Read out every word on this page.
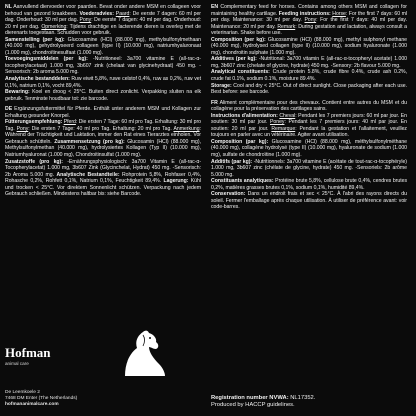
NL Aanvullend diervoeder voor paarden. Bevat onder andere MSM en collageen voor behoud van gezond kraakbeen. Voederadvies: Paard: De eerste 7 dagen: 60 ml per dag. Onderhoud: 30 ml per dag. Pony: De eerste 7 dagen: 40 ml per dag. Onderhoud: 20 ml per dag. Opmerking: Tijdens drachtige en lacterende dieren is overleg met de dierenarts toegestaan. Schudden voor gebruik.
Samenstelling (per kg): Glucosamine (HCl) (88.000 mg), methylsulfonylmethaan (40.000 mg), gehydrolyseerd collageen (type II) (10.000 mg), natriumhyaluronaat (1.000 mg), chondroïtinesulfaat (1.000 mg).
Toevoegingsmiddelen (per kg): -Nutritioneel: 3a700 vitamine E (all-rac-α-tocopherylacetaat) 1.000 mg, 3b607 zink (chelaat van glycinehydraat) 450 mg. -Sensorisch: 2b aroma 5.000 mg.
Analytische bestanddelen: Ruw eiwit 5,8%, ruwe celstof 0,4%, ruw as 0,2%, ruw vet 0,1%, natrium 0,1%, vocht 89,4%.
Bewaring: Koel en droog < 25°C. Buiten direct zonlicht. Verpakking sluiten na elk gebruik. Tenminste houdbaar tot: zie barcode.
DE Ergänzungsfuttermittel für Pferde. Enthält unter anderem MSM und Kollagen zur Erhaltung gesunder Knorpel.
Fütterungsempfehlung: Pferd: Die ersten 7 Tage: 60 ml pro Tag. Erhaltung: 30 ml pro Tag. Pony: Die ersten 7 Tage: 40 ml pro Tag. Erhaltung: 20 ml pro Tag. Anmerkung: Während der Trächtigkeit und Laktation, immer den Rat eines Tierarztes einholen. Vor Gebrauch schütteln. Zusammensetzung (pro kg): Glucosamin (HCl) (88.000 mg), Methylsulfonylmethan (40.000 mg), hydrolysiertes Kollagen (Typ II) (10.000 mg), Natriumhyaluronat (1.000 mg), Chondroitinsulfat (1.000 mg).
Zusatzstoffe (pro kg): -Ernährungsphysiologisch: 3a700 Vitamin E (all-rac-α-Tocopherylacetat) 1.000 mg, 3b607 Zink (Glycinchelat, Hydrat) 450 mg. -Sensorisch: 2b Aroma 5.000 mg. Analytische Bestandteile: Rohprotein 5,8%, Rohfaser 0,4%, Rohasche 0,2%, Rohfett 0,1%, Natrium 0,1%, Feuchtigkeit 89,4%. Lagerung: Kühl und trocken < 25°C. Vor direktem Sonnenlicht schützen. Verpackung nach jedem Gebrauch schließen. Mindestens haltbar bis: siehe Barcode.
EN Complementary feed for horses. Contains among others MSM and collagen for maintaining healthy cartilage. Feeding instructions: Horse: For the first 7 days: 60 ml per day. Maintenance: 30 ml per day. Pony: For the first 7 days: 40 ml per day. Maintenance: 20 ml per day. Remark: During gestation and lactation, always consult a veterinarian. Shake before use.
Composition (per kg): Glucosamine (HCl) (88.000 mg), methyl sulphonyl methane (40.000 mg), hydrolysed collagen (type II) (10.000 mg), sodium hyaluronate (1.000 mg), chondroitin sulphate (1.000 mg).
Additives (per kg): -Nutritional: 3a700 vitamin E (all-rac-α-tocopheryl acetate) 1.000 mg, 3b607 zinc (chelate of glycine, hydrate) 450 mg. -Sensory: 2b flavour 5.000 mg.
Analytical constituents: Crude protein 5.8%, crude fibre 0.4%, crude ash 0.2%, crude fat 0.1%, sodium 0.1%, moisture 89.4%.
Storage: Cool and dry < 25°C. Out of direct sunlight. Close packaging after each use. Best before: see barcode.
FR Aliment complémentaire pour des chevaux. Contient entre autres du MSM et du collagène pour la préservation des cartilages sains.
Instructions d'alimentation: Cheval: Pendant les 7 premiers jours: 60 ml par jour. En soutien: 30 ml par jour. Poney: Pendant les 7 premiers jours: 40 ml par jour. En soutien: 20 ml par jour. Remarque: Pendant la gestation et l'allaitement, veuillez toujours en parler avec un vétérinaire. Agiter avant utilisation.
Composition (par kg): Glucosamine (HCl) (88.000 mg), méthylsulfonylméthane (40.000 mg), collagène hydrolysé (type II) (10.000 mg), hyaluronate de sodium (1.000 mg), sulfate de chondroïtine (1.000 mg).
Additifs (par kg): -Nutritionnels: 3a700 vitamine E (acétate de tout-rac-α-tocophéryle) 1.000 mg, 3b607 zinc (chélate de glycine, hydrate) 450 mg. -Sensoriels: 2b arôme 5.000 mg.
Constituants analytiques: Protéine brute 5,8%, cellulose brute 0,4%, cendres brutes 0,2%, matières grasses brutes 0,1%, sodium 0,1%, humidité 89,4%.
Conservation: Dans un endroit frais et sec < 25°C. À l'abri des rayons directs du soleil. Fermer l'emballage après chaque utilisation. À utiliser de préférence avant: voir code-barres.
Hofman
animal care
De Leemkoele 2
7468 DM Enter (The Netherlands)
hofmananimalcare.com
Registration number NVWA: NL17352.
Produced by HACCP guidelines.
